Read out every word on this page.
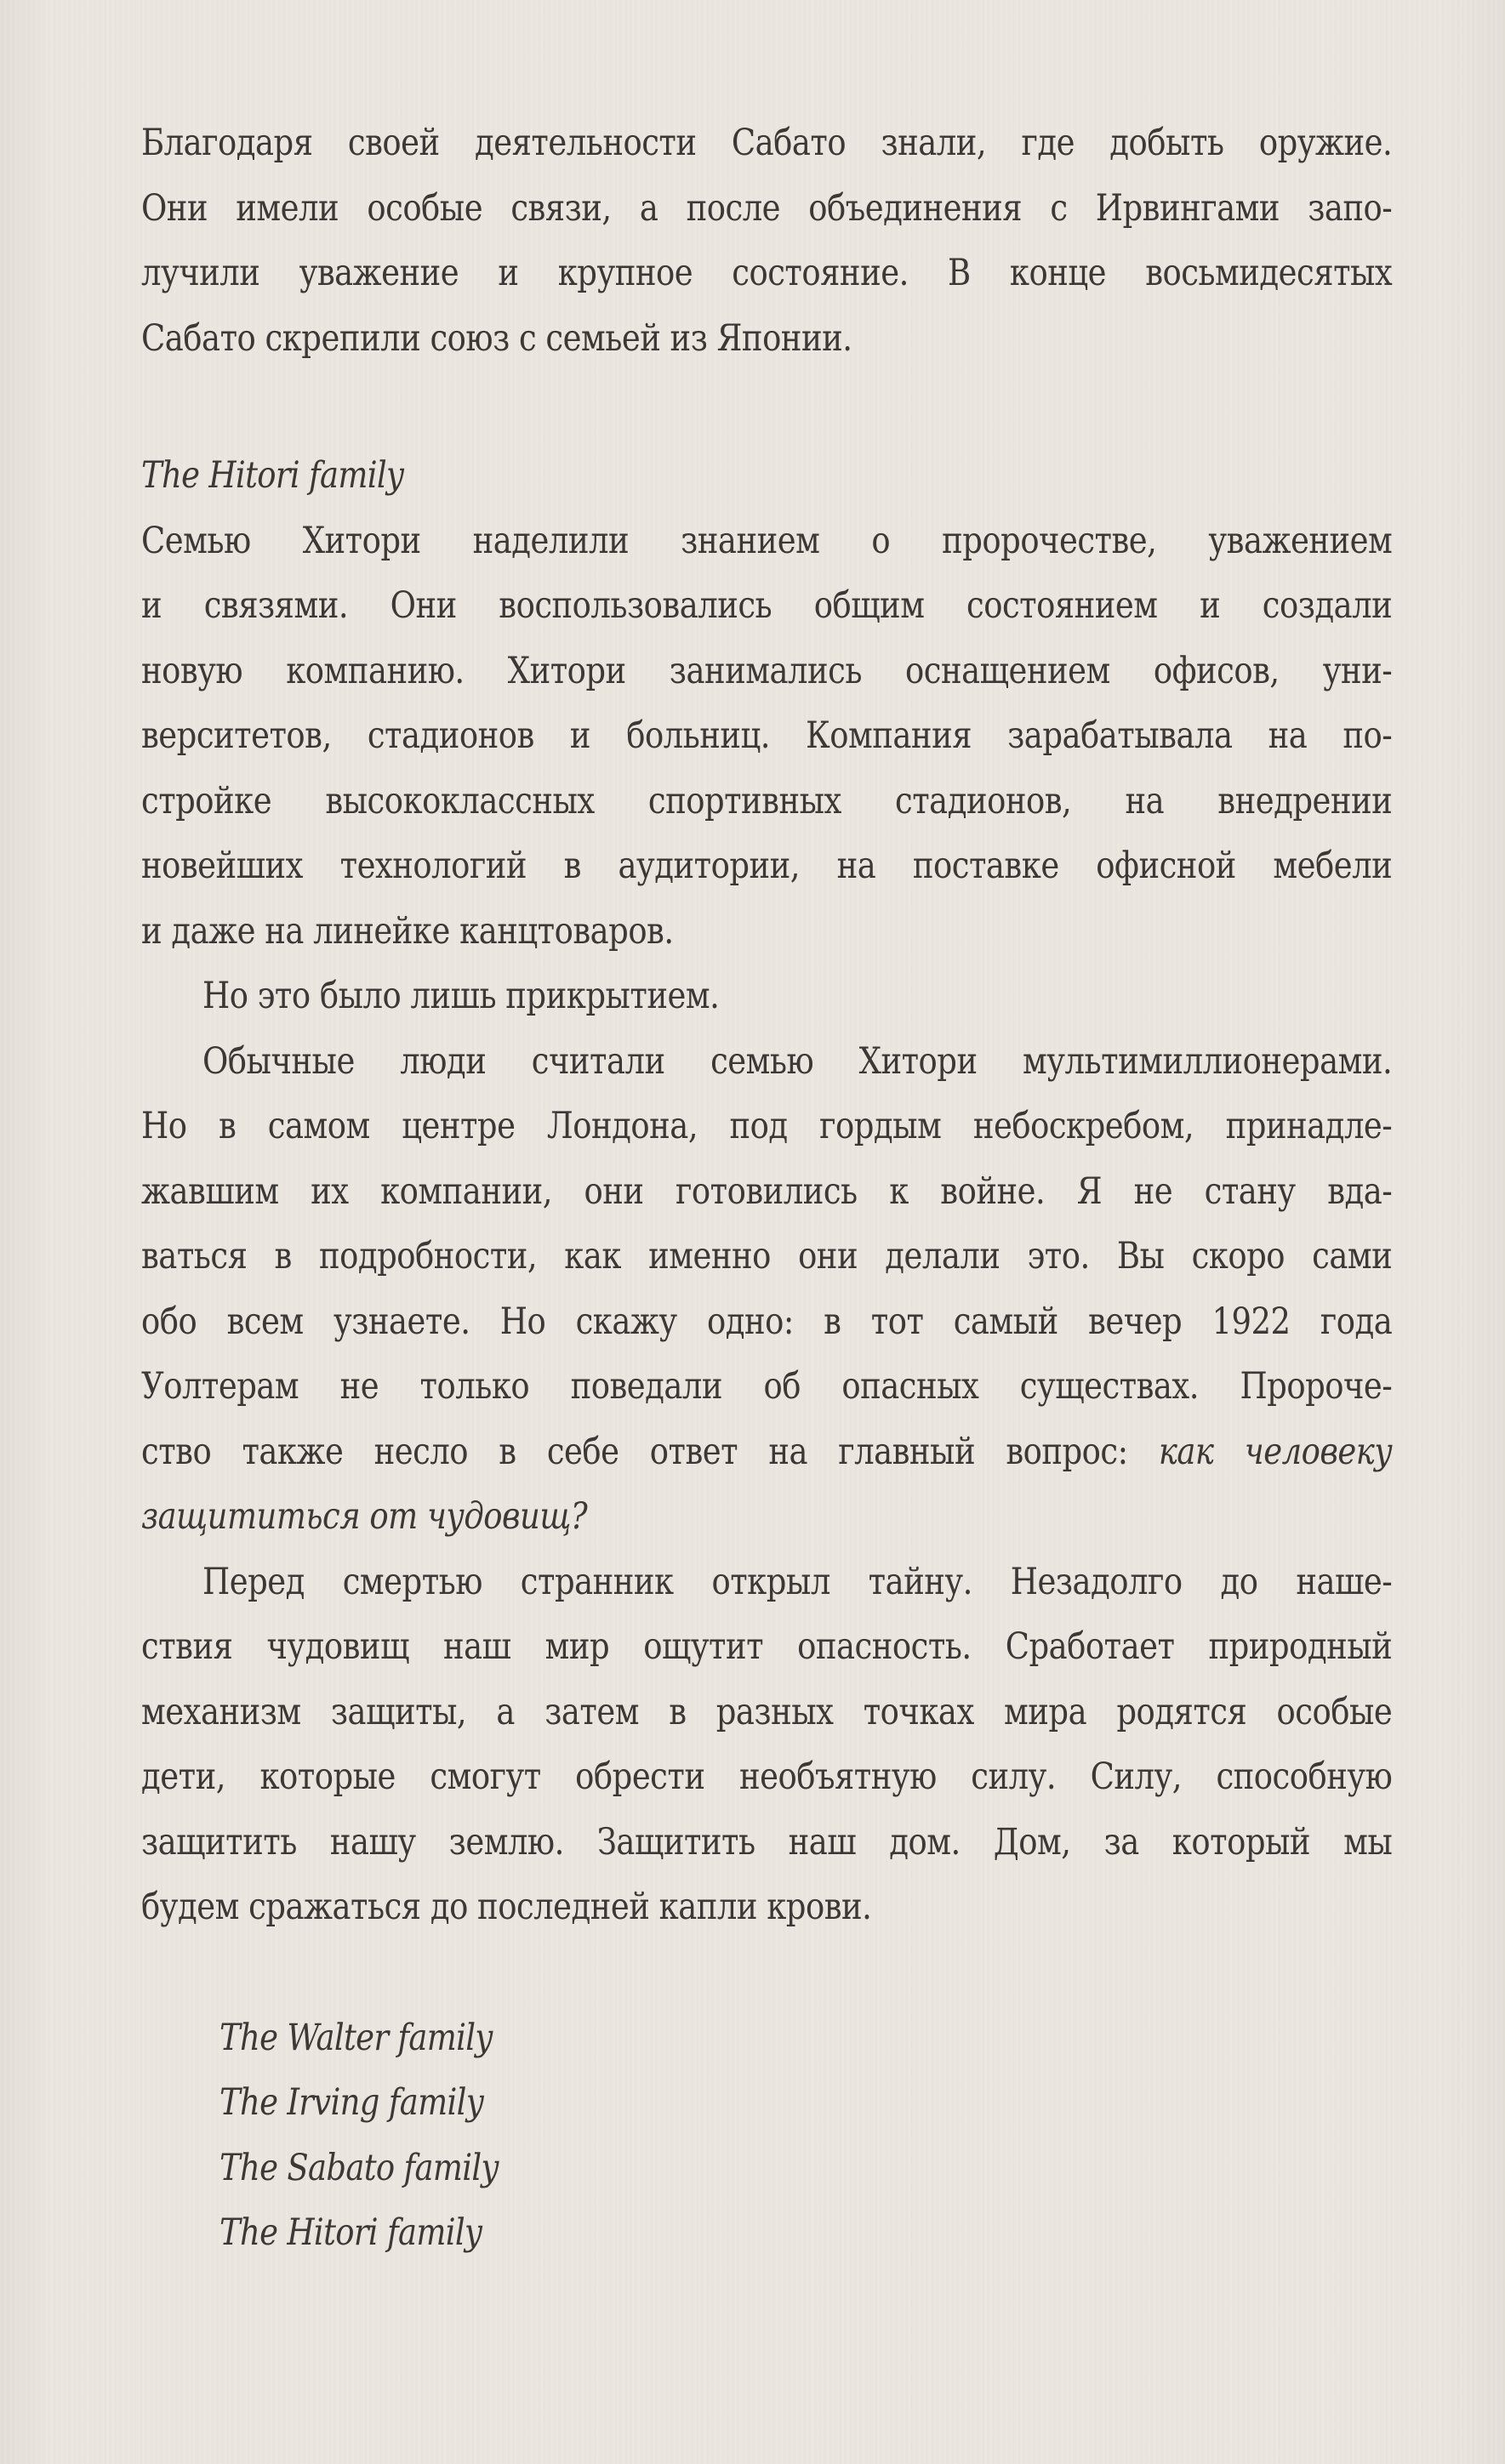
Благодаря своей деятельности Сабато знали, где добыть оружие.
Они имели особые связи, а после объединения с Ирвингами запо-
лучили уважение и крупное состояние. В конце восьмидесятых
Сабато скрепили союз с семьей из Японии.
The Hitori family
Семью Хитори наделили знанием о пророчестве, уважением
и связями. Они воспользовались общим состоянием и создали
новую компанию. Хитори занимались оснащением офисов, уни-
верситетов, стадионов и больниц. Компания зарабатывала на по-
стройке высококлассных спортивных стадионов, на внедрении
новейших технологий в аудитории, на поставке офисной мебели
и даже на линейке канцтоваров.
Но это было лишь прикрытием.
Обычные люди считали семью Хитори мультимиллионерами.
Но в самом центре Лондона, под гордым небоскребом, принадле-
жавшим их компании, они готовились к войне. Я не стану вда-
ваться в подробности, как именно они делали это. Вы скоро сами
обо всем узнаете. Но скажу одно: в тот самый вечер 1922 года
Уолтерам не только поведали об опасных существах. Пророче-
ство также несло в себе ответ на главный вопрос: как человеку
защититься от чудовищ?
Перед смертью странник открыл тайну. Незадолго до наше-
ствия чудовищ наш мир ощутит опасность. Сработает природный
механизм защиты, а затем в разных точках мира родятся особые
дети, которые смогут обрести необъятную силу. Силу, способную
защитить нашу землю. Защитить наш дом. Дом, за который мы
будем сражаться до последней капли крови.
The Walter family
The Irving family
The Sabato family
The Hitori family
